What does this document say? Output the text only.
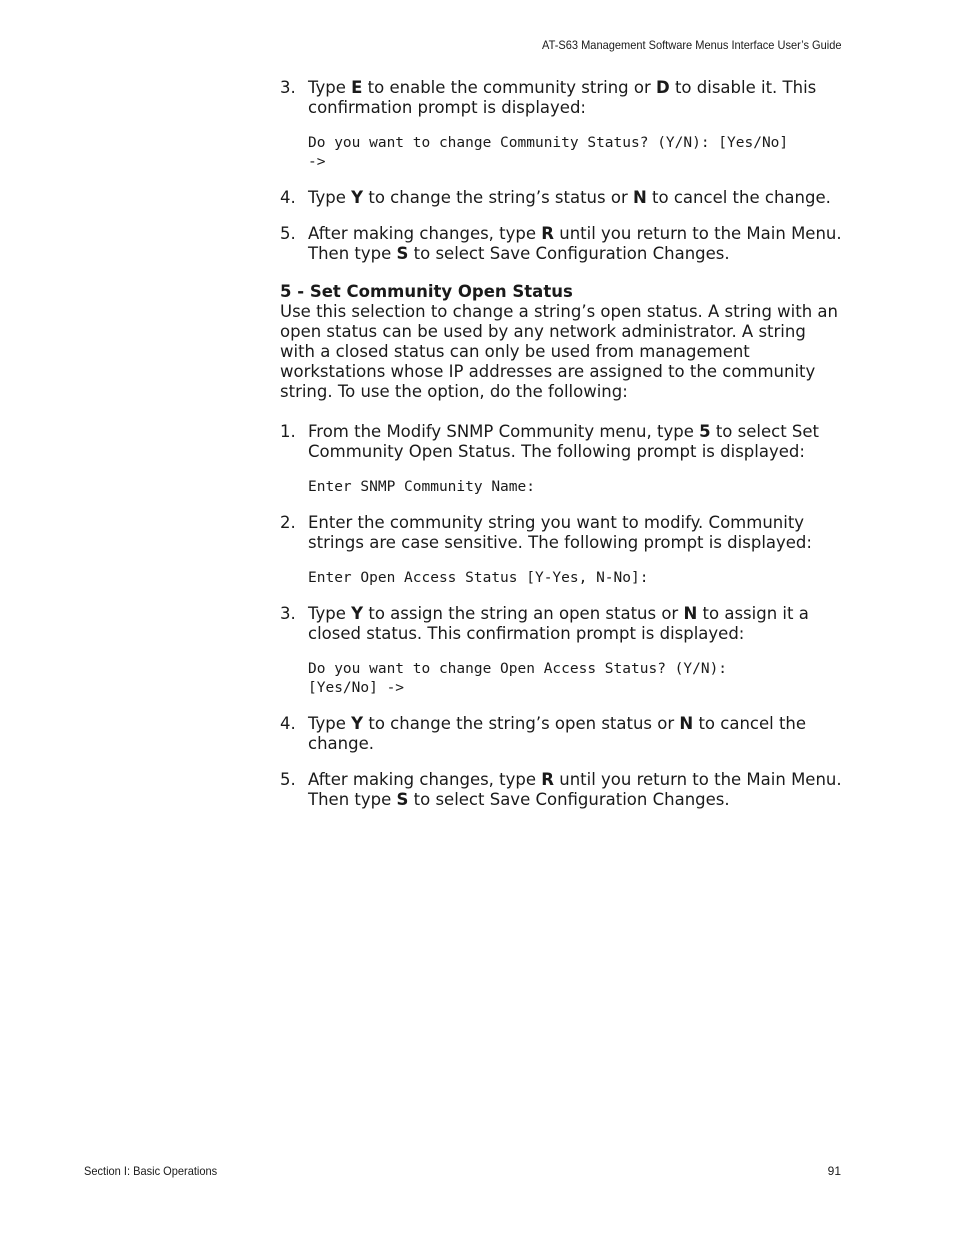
AT-S63 Management Software Menus Interface User’s Guide
3. Type E to enable the community string or D to disable it. This confirmation prompt is displayed:
Do you want to change Community Status? (Y/N): [Yes/No]
->
4. Type Y to change the string’s status or N to cancel the change.
5. After making changes, type R until you return to the Main Menu. Then type S to select Save Configuration Changes.
5 - Set Community Open Status
Use this selection to change a string’s open status. A string with an open status can be used by any network administrator. A string with a closed status can only be used from management workstations whose IP addresses are assigned to the community string. To use the option, do the following:
1. From the Modify SNMP Community menu, type 5 to select Set Community Open Status. The following prompt is displayed:
Enter SNMP Community Name:
2. Enter the community string you want to modify. Community strings are case sensitive. The following prompt is displayed:
Enter Open Access Status [Y-Yes, N-No]:
3. Type Y to assign the string an open status or N to assign it a closed status. This confirmation prompt is displayed:
Do you want to change Open Access Status? (Y/N):
[Yes/No] ->
4. Type Y to change the string’s open status or N to cancel the change.
5. After making changes, type R until you return to the Main Menu. Then type S to select Save Configuration Changes.
Section I: Basic Operations	91
